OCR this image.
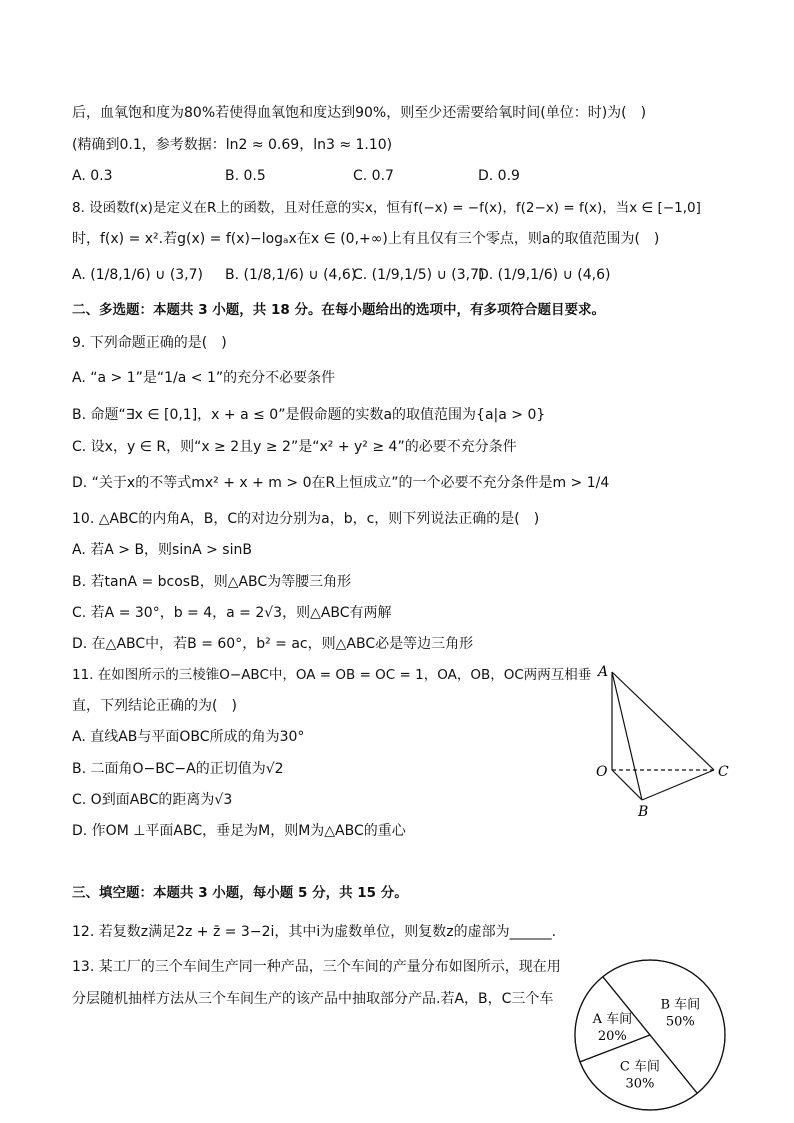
后，血氧饱和度为80%若使得血氧饱和度达到90%，则至少还需要给氧时间(单位：时)为(　)
(精确到0.1，参考数据：ln2 ≈ 0.69，ln3 ≈ 1.10)
A. 0.3	B. 0.5	C. 0.7	D. 0.9
8. 设函数f(x)是定义在R上的函数，且对任意的实x，恒有f(−x) = −f(x)，f(2−x) = f(x)，当x ∈ [−1,0]
时，f(x) = x².若g(x) = f(x)−logₐx在x ∈ (0,+∞)上有且仅有三个零点，则a的取值范围为(　)
A. (1/8,1/6) ∪ (3,7) B. (1/8,1/6) ∪ (4,6)
C. (1/9,1/5) ∪ (3,7)
D. (1/9,1/6) ∪ (4,6)
二、多选题：本题共 3 小题，共 18 分。在每小题给出的选项中，有多项符合题目要求。
9. 下列命题正确的是(　)
A. “a > 1”是“1/a < 1”的充分不必要条件
B. 命题“∃x ∈ [0,1]，x + a ≤ 0”是假命题的实数a的取值范围为{a|a > 0}
C. 设x，y ∈ R，则“x ≥ 2且y ≥ 2”是“x² + y² ≥ 4”的必要不充分条件
D. “关于x的不等式mx² + x + m > 0在R上恒成立”的一个必要不充分条件是m > 1/4
10. △ABC的内角A，B，C的对边分别为a，b，c，则下列说法正确的是(　)
A. 若A > B，则sinA > sinB
B. 若tanA = bcosB，则△ABC为等腰三角形
C. 若A = 30°，b = 4，a = 2√3，则△ABC有两解
D. 在△ABC中，若B = 60°，b² = ac，则△ABC必是等边三角形
11. 在如图所示的三棱锥O−ABC中，OA = OB = OC = 1，OA，OB，OC两两互相垂
直，下列结论正确的为(　)
A. 直线AB与平面OBC所成的角为30°
B. 二面角O−BC−A的正切值为√2
C. O到面ABC的距离为√3
D. 作OM ⊥平面ABC，垂足为M，则M为△ABC的重心
A
O
B
C
三、填空题：本题共 3 小题，每小题 5 分，共 15 分。
12. 若复数z满足2z + z̄ = 3−2i，其中i为虚数单位，则复数z的虚部为______.
13. 某工厂的三个车间生产同一种产品，三个车间的产量分布如图所示，现在用
分层随机抽样方法从三个车间生产的该产品中抽取部分产品.若A，B，C三个车
A 车间
20%
B 车间
50%
C 车间
30%
